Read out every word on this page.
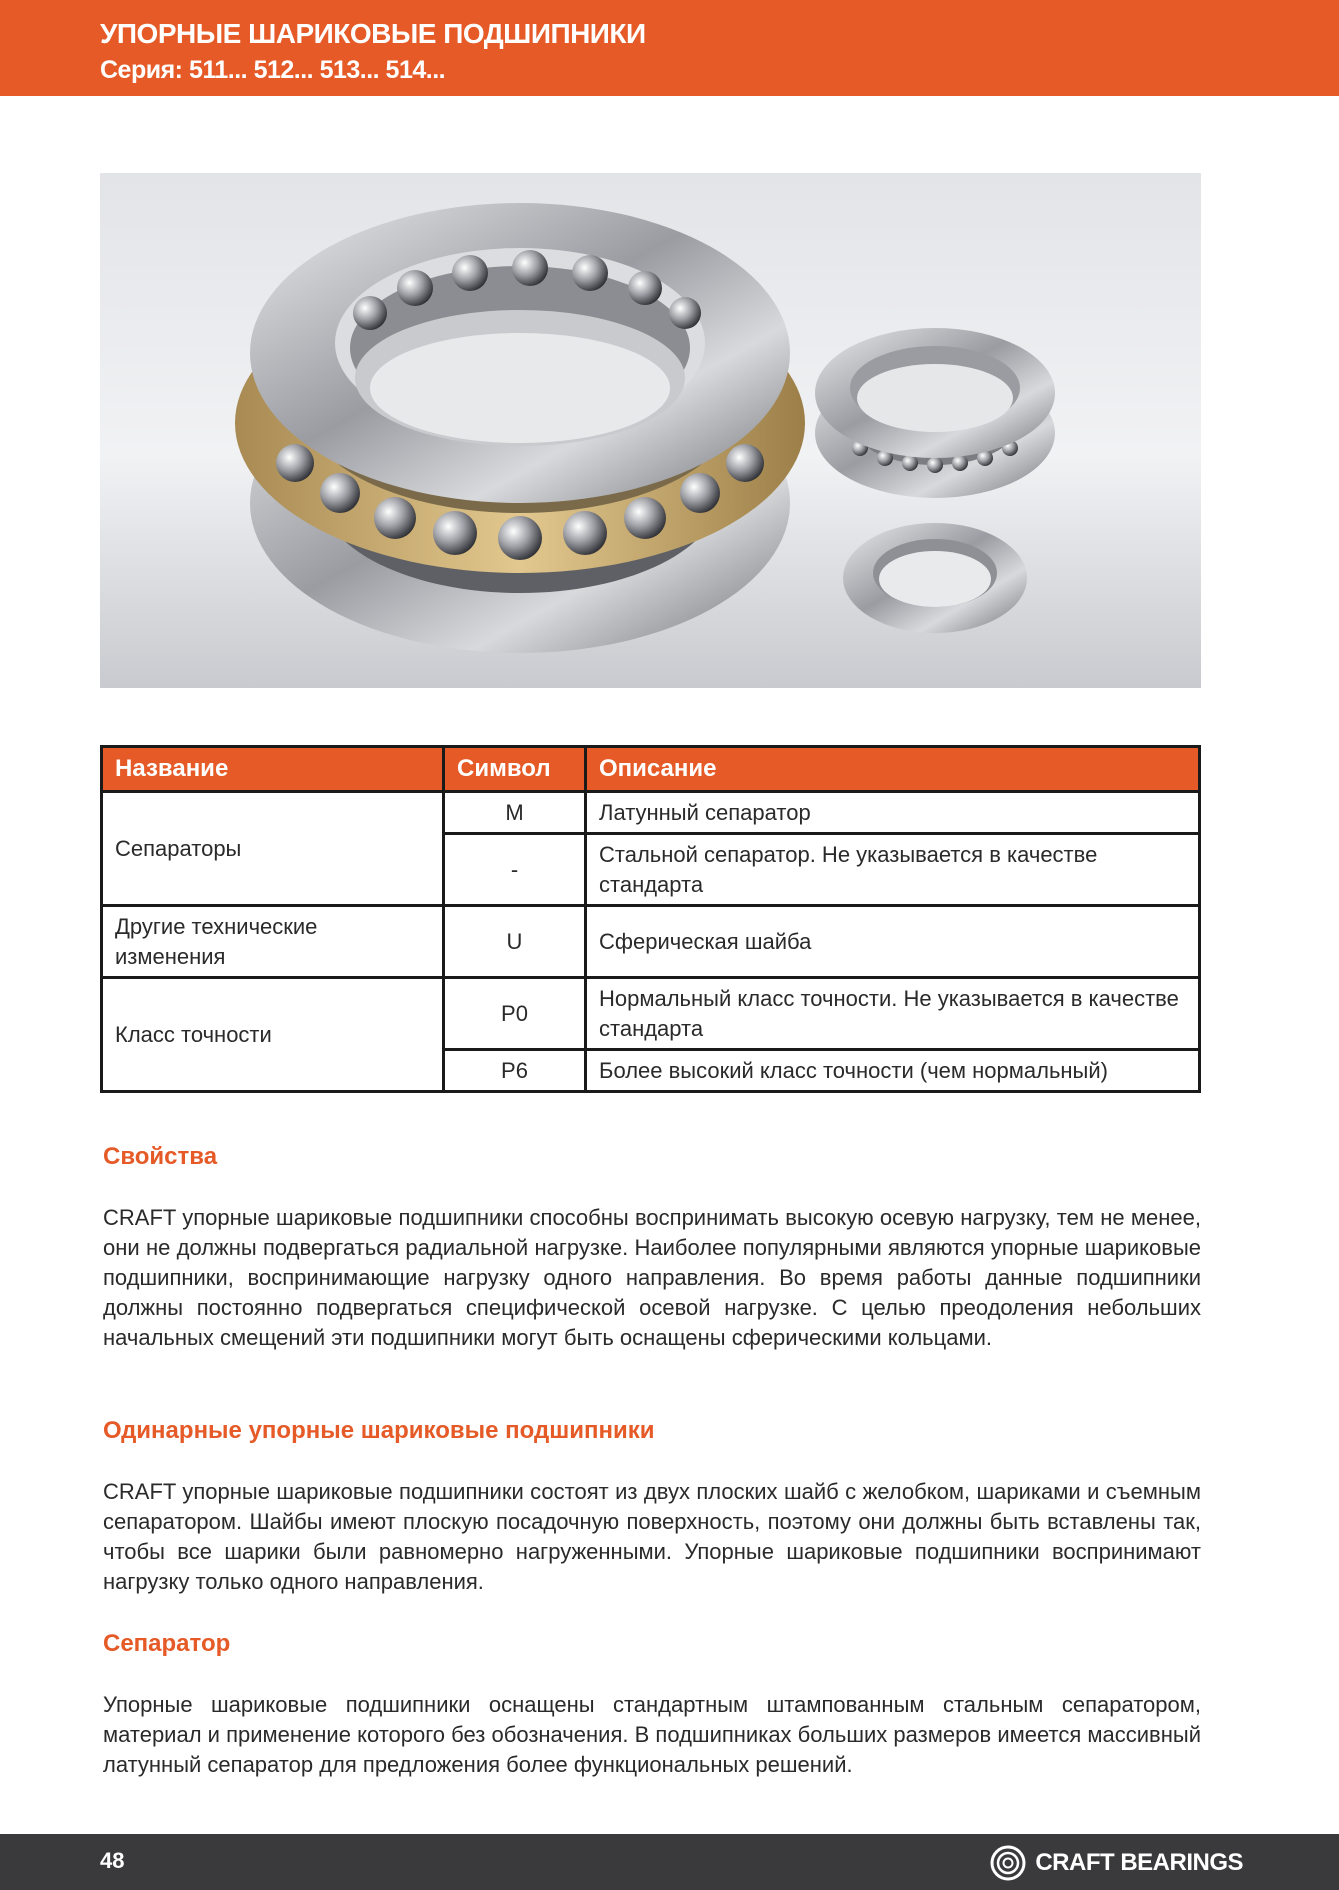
УПОРНЫЕ ШАРИКОВЫЕ ПОДШИПНИКИ
Серия: 511... 512... 513... 514...
Название	Символ	Описание
Сепараторы	M	Латунный сепаратор
	-	Стальной сепаратор. Не указывается в качестве стандарта
Другие технические изменения	U	Сферическая шайба
Класс точности	P0	Нормальный класс точности. Не указывается в качестве стандарта
	P6	Более высокий класс точности (чем нормальный)
Свойства
CRAFT упорные шариковые подшипники способны воспринимать высокую осевую нагрузку, тем не менее, они не должны подвергаться радиальной нагрузке. Наиболее популярными являются упорные шариковые подшипники, воспринимающие нагрузку одного направления. Во время работы данные подшипники должны постоянно подвергаться специфической осевой нагрузке. С целью преодоления небольших начальных смещений эти подшипники могут быть оснащены сферическими кольцами.
Одинарные упорные шариковые подшипники
CRAFT упорные шариковые подшипники состоят из двух плоских шайб с желобком, шариками и съемным сепаратором. Шайбы имеют плоскую посадочную поверхность, поэтому они должны быть вставлены так, чтобы все шарики были равномерно нагруженными. Упорные шариковые подшипники воспринимают нагрузку только одного направления.
Сепаратор
Упорные шариковые подшипники оснащены стандартным штампованным стальным сепаратором, материал и применение которого без обозначения. В подшипниках больших размеров имеется массивный латунный сепаратор для предложения более функциональных решений.
48	CRAFT BEARINGS
